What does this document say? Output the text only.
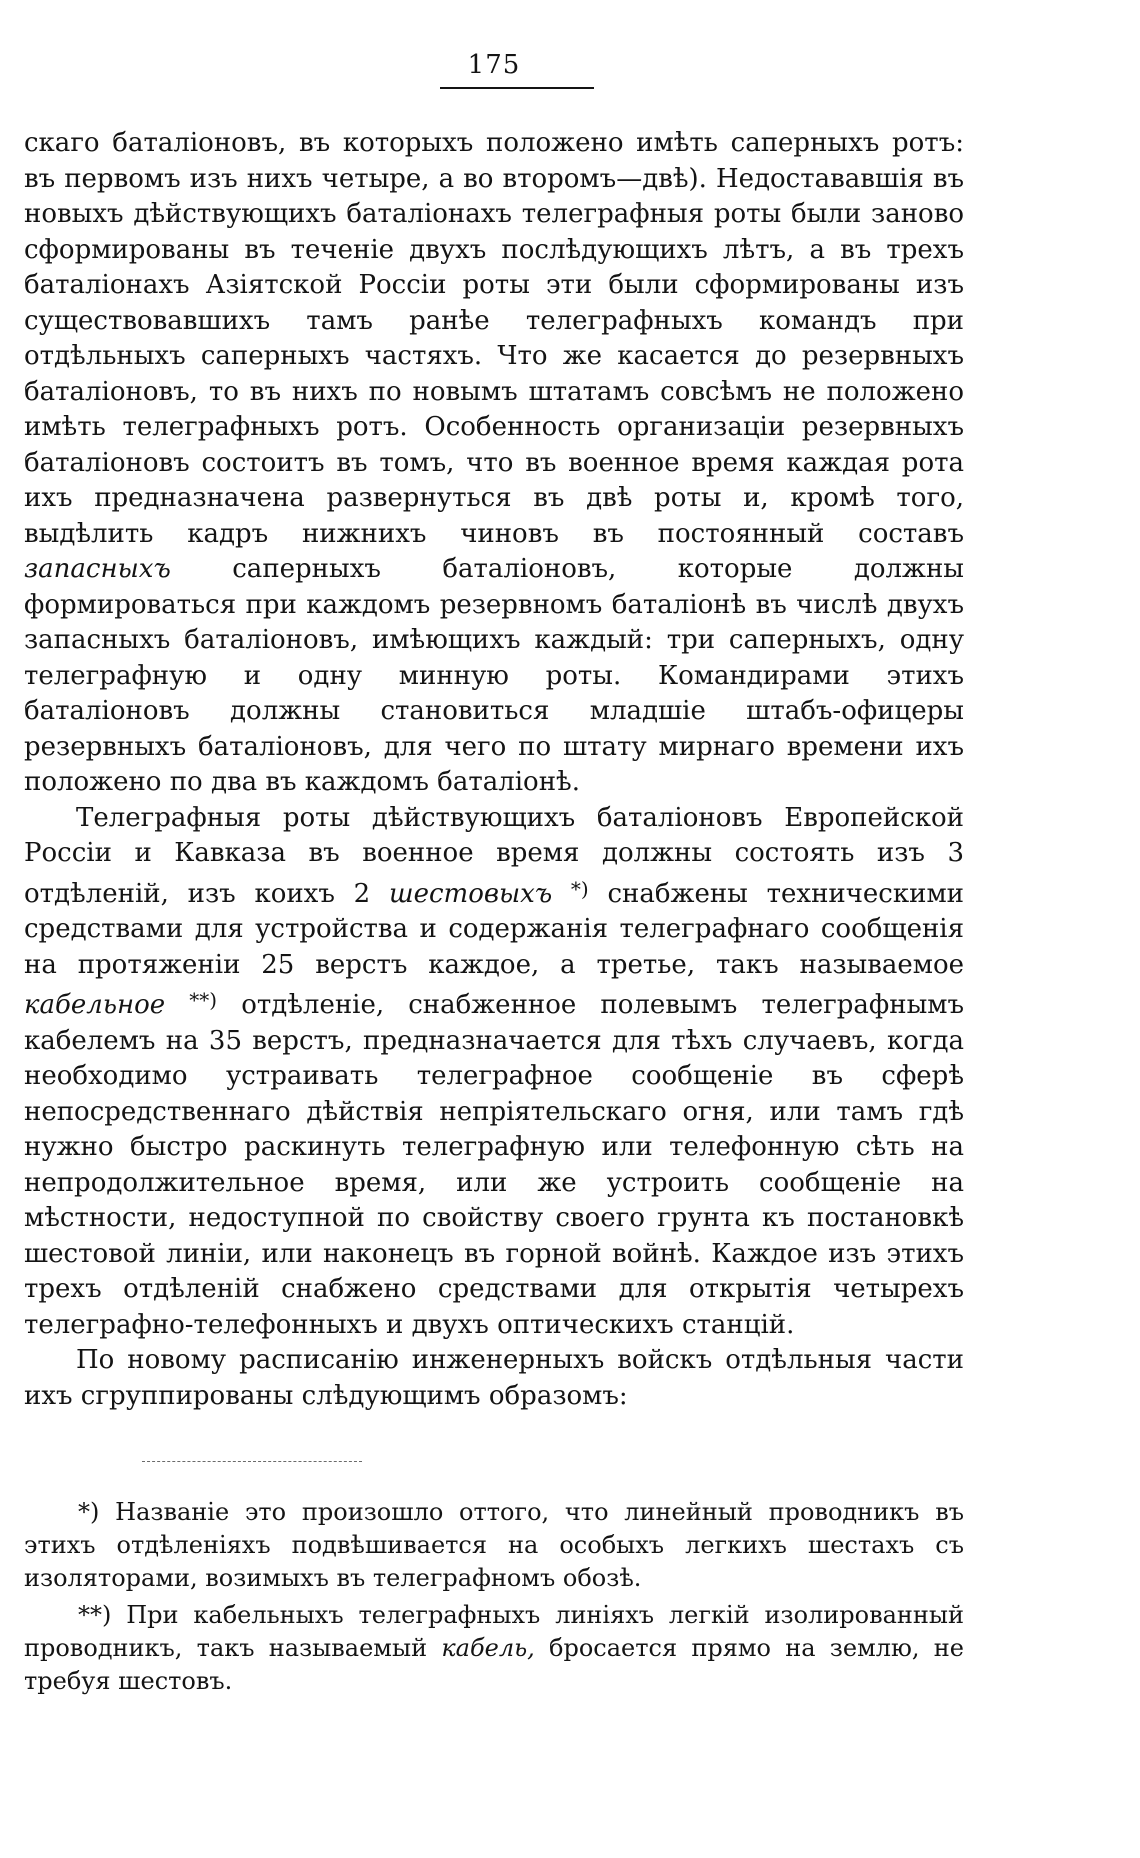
175

скаго баталіоновъ, въ которыхъ положено имѣть саперныхъ ротъ: въ первомъ изъ нихъ четыре, а во второмъ—двѣ). Недостававшія въ новыхъ дѣйствующихъ баталіонахъ телеграфныя роты были заново сформированы въ теченіе двухъ послѣдующихъ лѣтъ, а въ трехъ баталіонахъ Азіятской Россіи роты эти были сформированы изъ существовавшихъ тамъ ранѣе телеграфныхъ командъ при отдѣльныхъ саперныхъ частяхъ. Что же касается до резервныхъ баталіоновъ, то въ нихъ по новымъ штатамъ совсѣмъ не положено имѣть телеграфныхъ ротъ. Особенность организаціи резервныхъ баталіоновъ состоитъ въ томъ, что въ военное время каждая рота ихъ предназначена развернуться въ двѣ роты и, кромѣ того, выдѣлить кадръ нижнихъ чиновъ въ постоянный составъ запасныхъ саперныхъ баталіоновъ, которые должны формироваться при каждомъ резервномъ баталіонѣ въ числѣ двухъ запасныхъ баталіоновъ, имѣющихъ каждый: три саперныхъ, одну телеграфную и одну минную роты. Командирами этихъ баталіоновъ должны становиться младшіе штабъ-офицеры резервныхъ баталіоновъ, для чего по штату мирнаго времени ихъ положено по два въ каждомъ баталіонѣ.

Телеграфныя роты дѣйствующихъ баталіоновъ Европейской Россіи и Кавказа въ военное время должны состоять изъ 3 отдѣленій, изъ коихъ 2 шестовыхъ *) снабжены техническими средствами для устройства и содержанія телеграфнаго сообщенія на протяженіи 25 верстъ каждое, а третье, такъ называемое кабельное **) отдѣленіе, снабженное полевымъ телеграфнымъ кабелемъ на 35 верстъ, предназначается для тѣхъ случаевъ, когда необходимо устраивать телеграфное сообщеніе въ сферѣ непосредственнаго дѣйствія непріятельскаго огня, или тамъ гдѣ нужно быстро раскинуть телеграфную или телефонную сѣть на непродолжительное время, или же устроить сообщеніе на мѣстности, недоступной по свойству своего грунта къ постановкѣ шестовой линіи, или наконецъ въ горной войнѣ. Каждое изъ этихъ трехъ отдѣленій снабжено средствами для открытія четырехъ телеграфно-телефонныхъ и двухъ оптическихъ станцій.

По новому расписанію инженерныхъ войскъ отдѣльныя части ихъ сгруппированы слѣдующимъ образомъ:

*) Названіе это произошло оттого, что линейный проводникъ въ этихъ отдѣленіяхъ подвѣшивается на особыхъ легкихъ шестахъ съ изоляторами, возимыхъ въ телеграфномъ обозѣ.

**) При кабельныхъ телеграфныхъ линіяхъ легкій изолированный проводникъ, такъ называемый кабель, бросается прямо на землю, не требуя шестовъ.
